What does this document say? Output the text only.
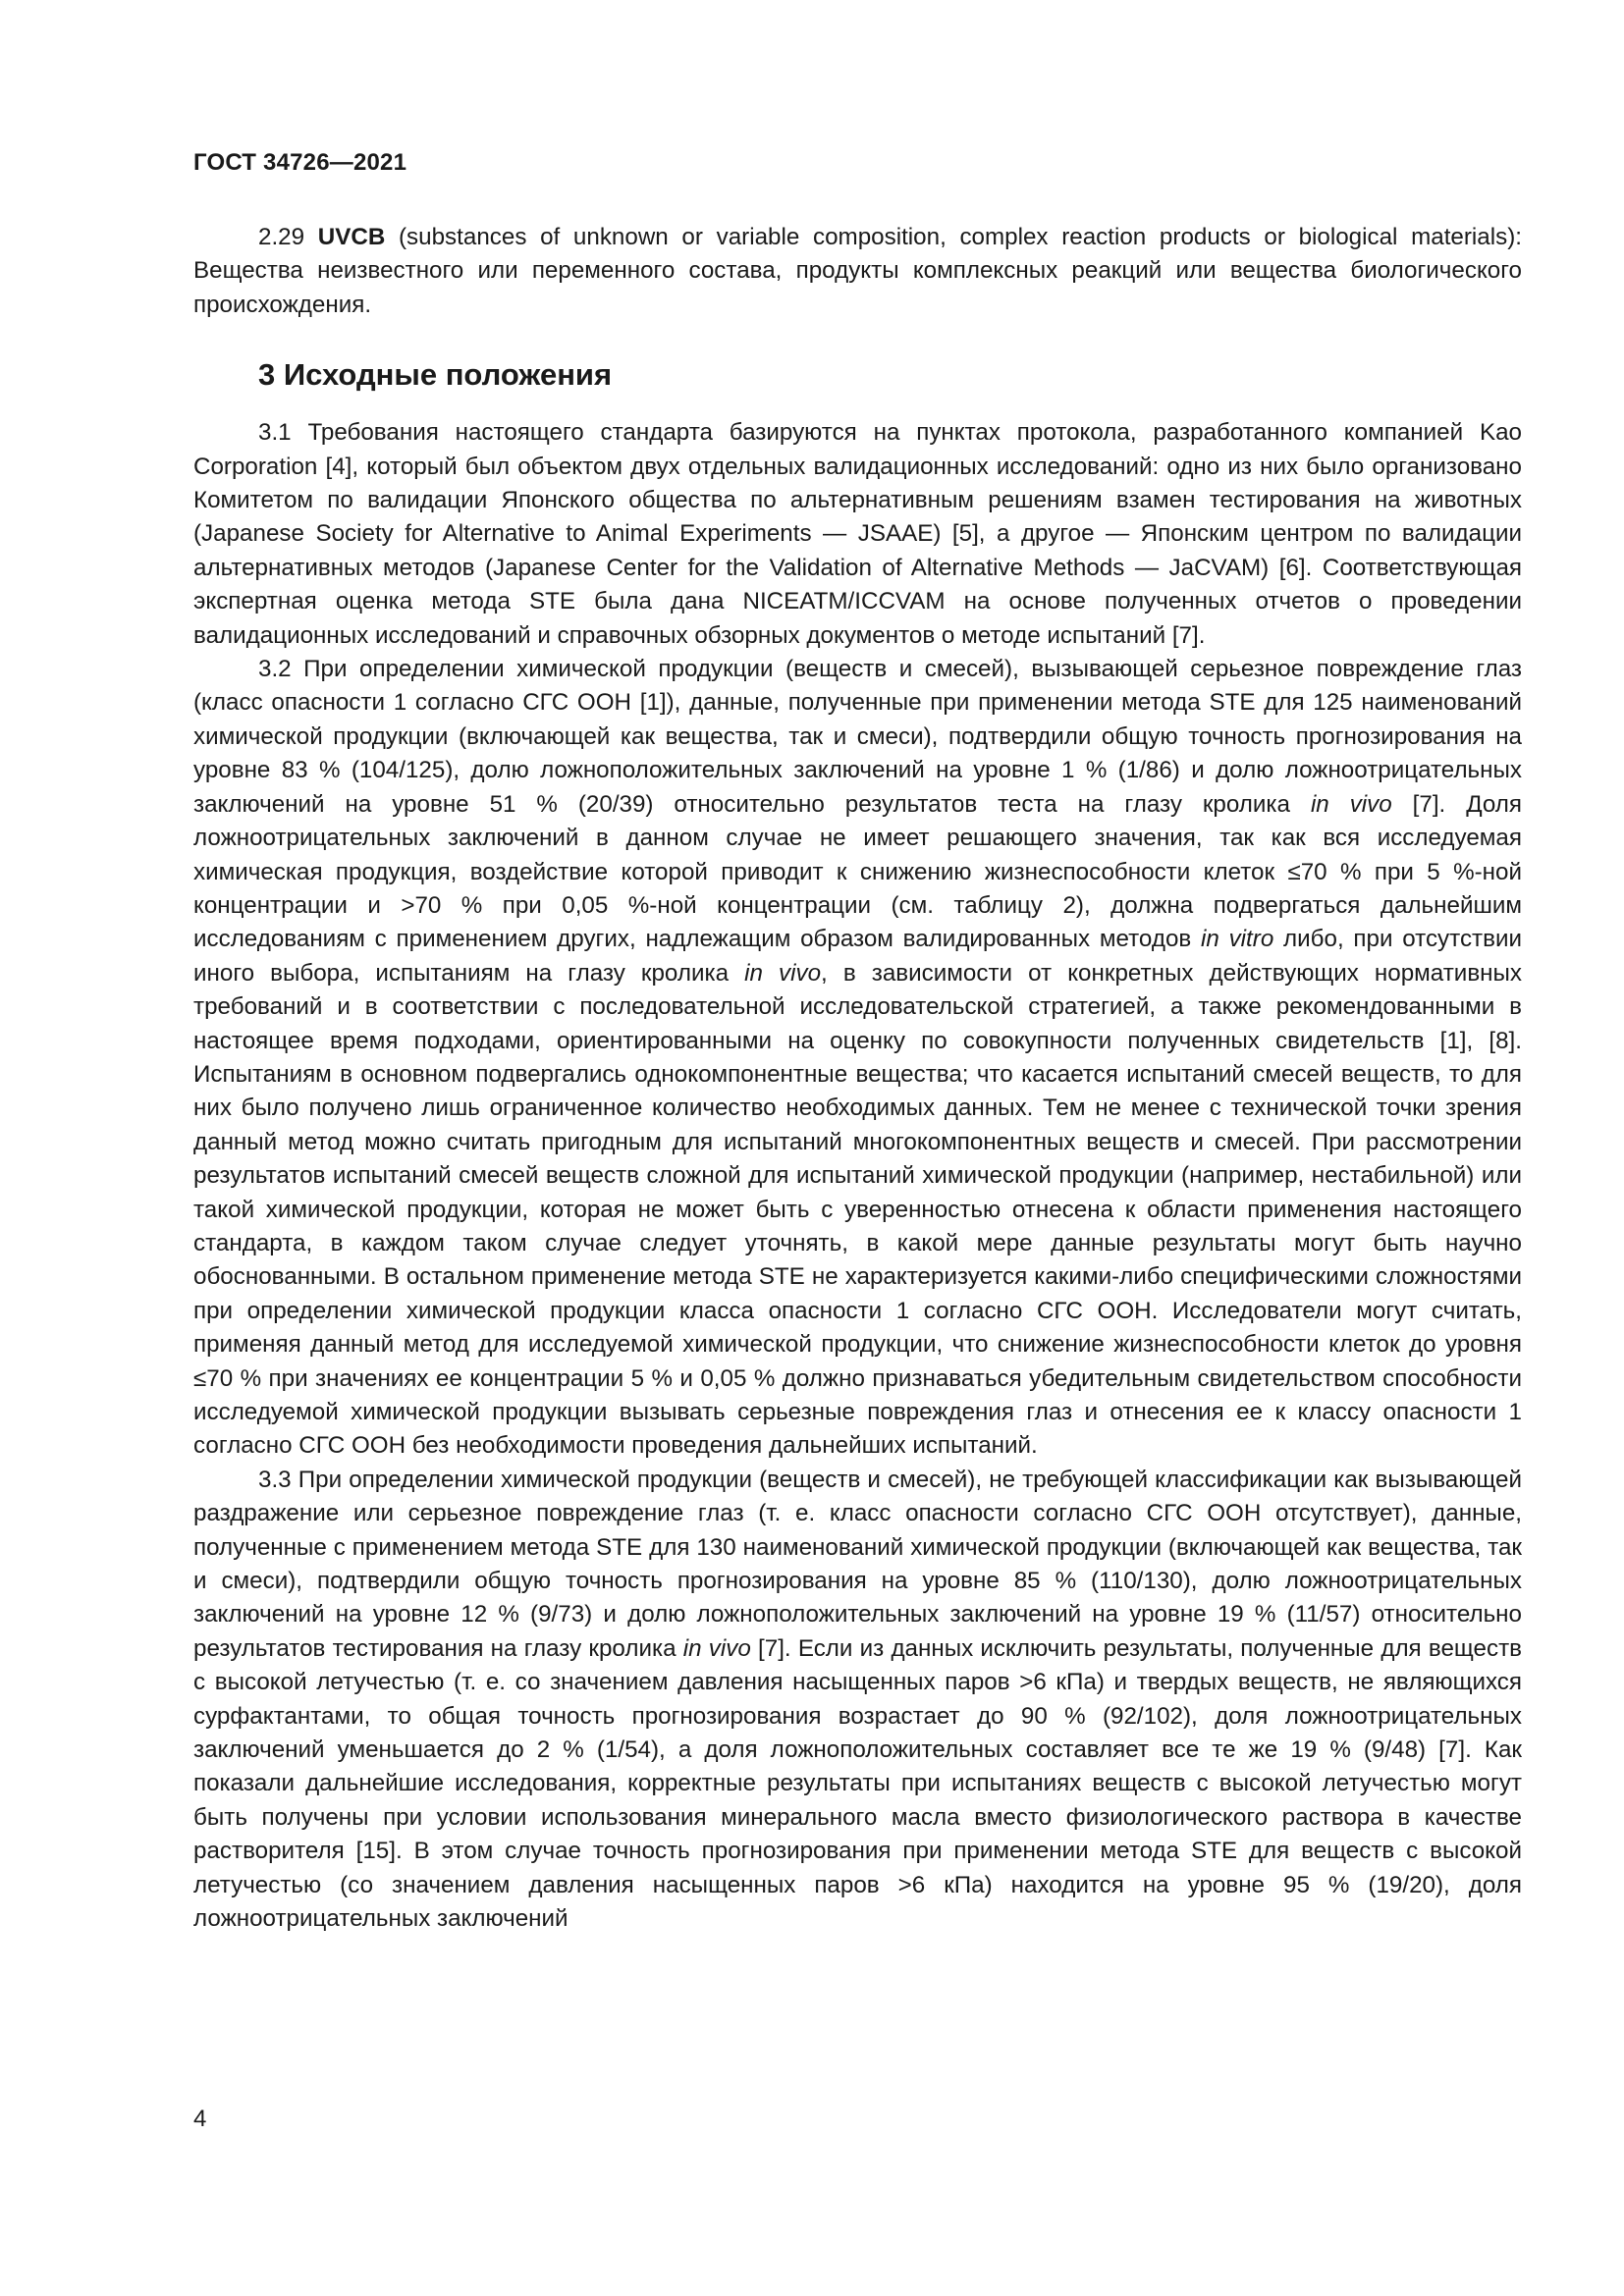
ГОСТ 34726—2021

2.29 UVCB (substances of unknown or variable composition, complex reaction products or biological materials): Вещества неизвестного или переменного состава, продукты комплексных реакций или вещества биологического происхождения.

3 Исходные положения

3.1 Требования настоящего стандарта базируются на пунктах протокола, разработанного компанией Kao Corporation [4], который был объектом двух отдельных валидационных исследований: одно из них было организовано Комитетом по валидации Японского общества по альтернативным решениям взамен тестирования на животных (Japanese Society for Alternative to Animal Experiments — JSAAE) [5], а другое — Японским центром по валидации альтернативных методов (Japanese Center for the Validation of Alternative Methods — JaCVAM) [6]. Соответствующая экспертная оценка метода STE была дана NICEATM/ICCVAM на основе полученных отчетов о проведении валидационных исследований и справочных обзорных документов о методе испытаний [7].

3.2 При определении химической продукции (веществ и смесей), вызывающей серьезное повреждение глаз (класс опасности 1 согласно СГС ООН [1]), данные, полученные при применении метода STE для 125 наименований химической продукции (включающей как вещества, так и смеси), подтвердили общую точность прогнозирования на уровне 83 % (104/125), долю ложноположительных заключений на уровне 1 % (1/86) и долю ложноотрицательных заключений на уровне 51 % (20/39) относительно результатов теста на глазу кролика in vivo [7]. Доля ложноотрицательных заключений в данном случае не имеет решающего значения, так как вся исследуемая химическая продукция, воздействие которой приводит к снижению жизнеспособности клеток ≤70 % при 5 %-ной концентрации и >70 % при 0,05 %-ной концентрации (см. таблицу 2), должна подвергаться дальнейшим исследованиям с применением других, надлежащим образом валидированных методов in vitro либо, при отсутствии иного выбора, испытаниям на глазу кролика in vivo, в зависимости от конкретных действующих нормативных требований и в соответствии с последовательной исследовательской стратегией, а также рекомендованными в настоящее время подходами, ориентированными на оценку по совокупности полученных свидетельств [1], [8]. Испытаниям в основном подвергались однокомпонентные вещества; что касается испытаний смесей веществ, то для них было получено лишь ограниченное количество необходимых данных. Тем не менее с технической точки зрения данный метод можно считать пригодным для испытаний многокомпонентных веществ и смесей. При рассмотрении результатов испытаний смесей веществ сложной для испытаний химической продукции (например, нестабильной) или такой химической продукции, которая не может быть с уверенностью отнесена к области применения настоящего стандарта, в каждом таком случае следует уточнять, в какой мере данные результаты могут быть научно обоснованными. В остальном применение метода STE не характеризуется какими-либо специфическими сложностями при определении химической продукции класса опасности 1 согласно СГС ООН. Исследователи могут считать, применяя данный метод для исследуемой химической продукции, что снижение жизнеспособности клеток до уровня ≤70 % при значениях ее концентрации 5 % и 0,05 % должно признаваться убедительным свидетельством способности исследуемой химической продукции вызывать серьезные повреждения глаз и отнесения ее к классу опасности 1 согласно СГС ООН без необходимости проведения дальнейших испытаний.

3.3 При определении химической продукции (веществ и смесей), не требующей классификации как вызывающей раздражение или серьезное повреждение глаз (т. е. класс опасности согласно СГС ООН отсутствует), данные, полученные с применением метода STE для 130 наименований химической продукции (включающей как вещества, так и смеси), подтвердили общую точность прогнозирования на уровне 85 % (110/130), долю ложноотрицательных заключений на уровне 12 % (9/73) и долю ложноположительных заключений на уровне 19 % (11/57) относительно результатов тестирования на глазу кролика in vivo [7]. Если из данных исключить результаты, полученные для веществ с высокой летучестью (т. е. со значением давления насыщенных паров >6 кПа) и твердых веществ, не являющихся сурфактантами, то общая точность прогнозирования возрастает до 90 % (92/102), доля ложноотрицательных заключений уменьшается до 2 % (1/54), а доля ложноположительных составляет все те же 19 % (9/48) [7]. Как показали дальнейшие исследования, корректные результаты при испытаниях веществ с высокой летучестью могут быть получены при условии использования минерального масла вместо физиологического раствора в качестве растворителя [15]. В этом случае точность прогнозирования при применении метода STE для веществ с высокой летучестью (со значением давления насыщенных паров >6 кПа) находится на уровне 95 % (19/20), доля ложноотрицательных заключений

4
